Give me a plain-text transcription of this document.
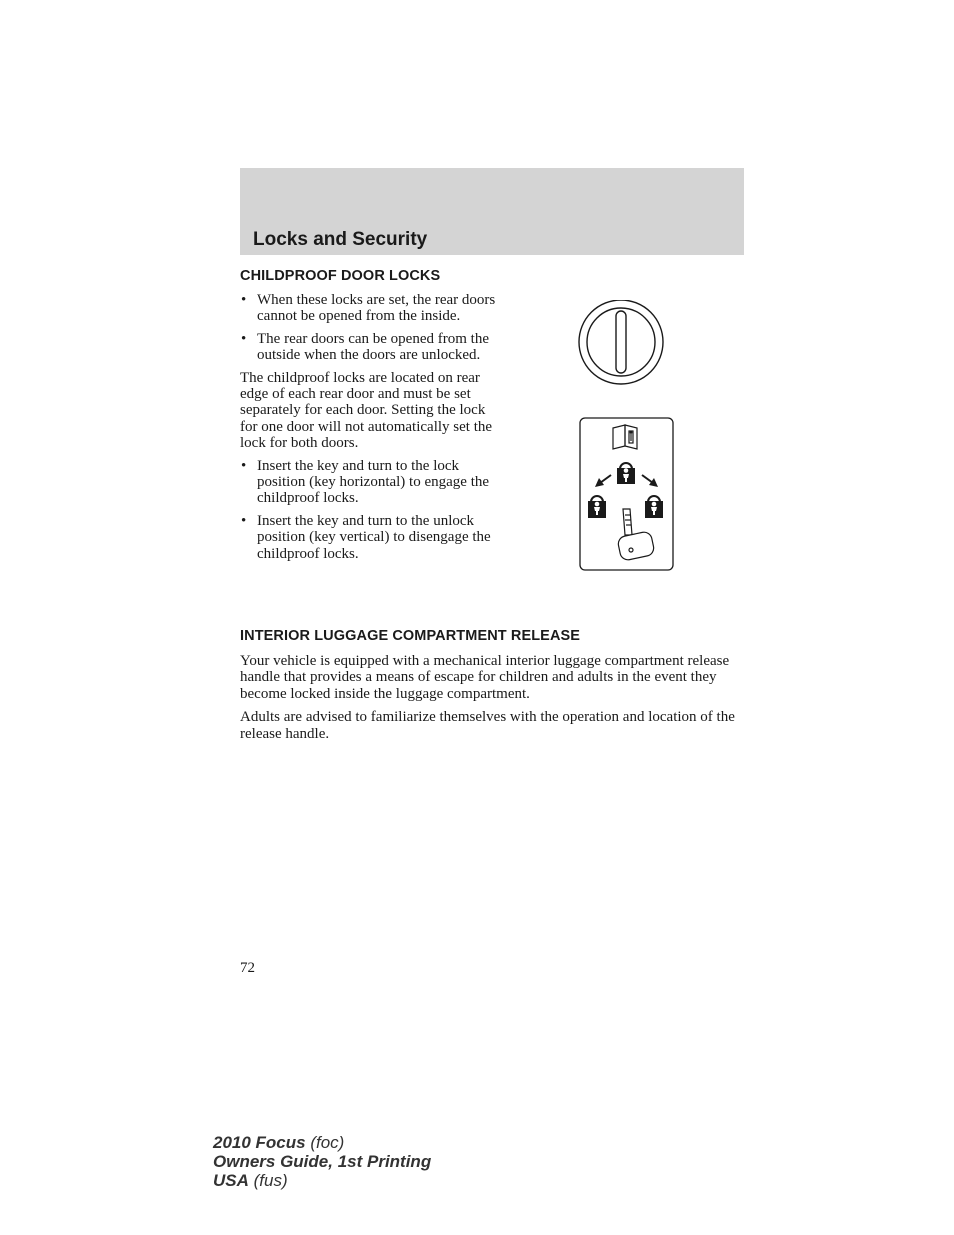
Locks and Security
CHILDPROOF DOOR LOCKS
• When these locks are set, the rear doors cannot be opened from the inside.
• The rear doors can be opened from the outside when the doors are unlocked.

The childproof locks are located on rear edge of each rear door and must be set separately for each door. Setting the lock for one door will not automatically set the lock for both doors.

• Insert the key and turn to the lock position (key horizontal) to engage the childproof locks.
• Insert the key and turn to the unlock position (key vertical) to disengage the childproof locks.
INTERIOR LUGGAGE COMPARTMENT RELEASE

Your vehicle is equipped with a mechanical interior luggage compartment release handle that provides a means of escape for children and adults in the event they become locked inside the luggage compartment.

Adults are advised to familiarize themselves with the operation and location of the release handle.

72
2010 Focus (foc)
Owners Guide, 1st Printing
USA (fus)
